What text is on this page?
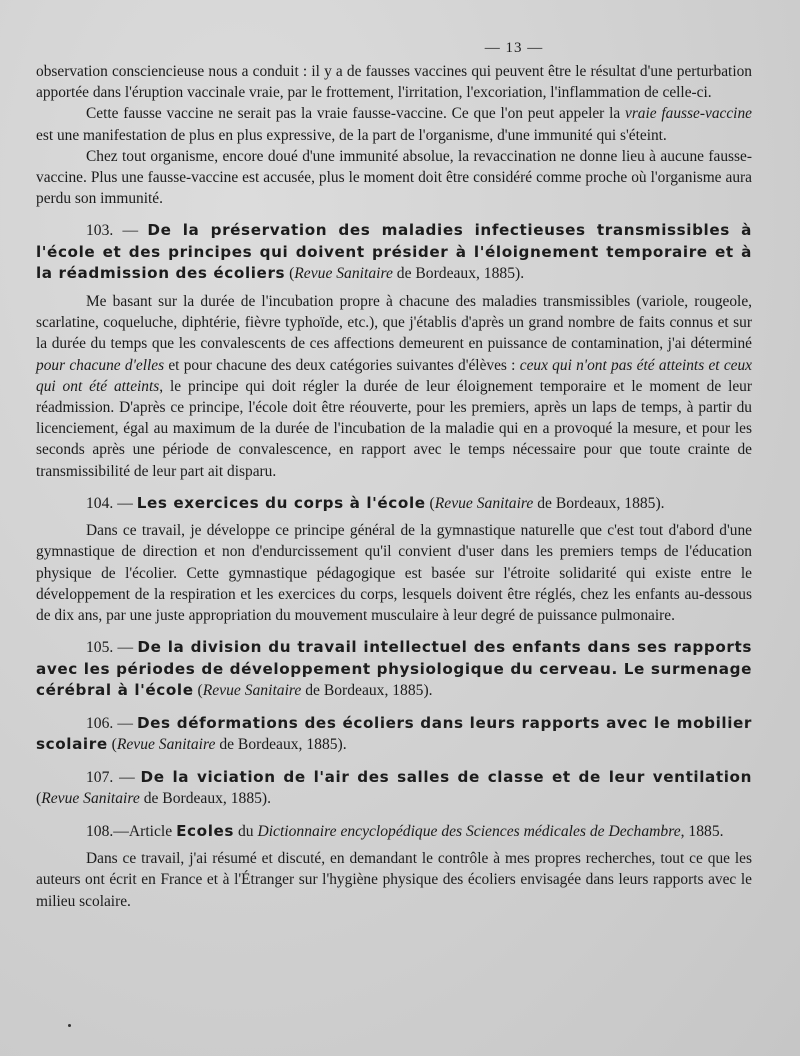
— 13 —

observation consciencieuse nous a conduit : il y a de fausses vaccines qui peuvent être le résultat d'une perturbation apportée dans l'éruption vaccinale vraie, par le frottement, l'irritation, l'excoriation, l'inflammation de celle-ci.

Cette fausse vaccine ne serait pas la vraie fausse-vaccine. Ce que l'on peut appeler la vraie fausse-vaccine est une manifestation de plus en plus expressive, de la part de l'organisme, d'une immunité qui s'éteint.

Chez tout organisme, encore doué d'une immunité absolue, la revaccination ne donne lieu à aucune fausse-vaccine. Plus une fausse-vaccine est accusée, plus le moment doit être considéré comme proche où l'organisme aura perdu son immunité.

103. — De la préservation des maladies infectieuses transmissibles à l'école et des principes qui doivent présider à l'éloignement temporaire et à la réadmission des écoliers (Revue Sanitaire de Bordeaux, 1885).

Me basant sur la durée de l'incubation propre à chacune des maladies transmissibles (variole, rougeole, scarlatine, coqueluche, diphtérie, fièvre typhoïde, etc.), que j'établis d'après un grand nombre de faits connus et sur la durée du temps que les convalescents de ces affections demeurent en puissance de contamination, j'ai déterminé pour chacune d'elles et pour chacune des deux catégories suivantes d'élèves : ceux qui n'ont pas été atteints et ceux qui ont été atteints, le principe qui doit régler la durée de leur éloignement temporaire et le moment de leur réadmission. D'après ce principe, l'école doit être réouverte, pour les premiers, après un laps de temps, à partir du licenciement, égal au maximum de la durée de l'incubation de la maladie qui en a provoqué la mesure, et pour les seconds après une période de convalescence, en rapport avec le temps nécessaire pour que toute crainte de transmissibilité de leur part ait disparu.

104. — Les exercices du corps à l'école (Revue Sanitaire de Bordeaux, 1885).

Dans ce travail, je développe ce principe général de la gymnastique naturelle que c'est tout d'abord d'une gymnastique de direction et non d'endurcissement qu'il convient d'user dans les premiers temps de l'éducation physique de l'écolier. Cette gymnastique pédagogique est basée sur l'étroite solidarité qui existe entre le développement de la respiration et les exercices du corps, lesquels doivent être réglés, chez les enfants au-dessous de dix ans, par une juste appropriation du mouvement musculaire à leur degré de puissance pulmonaire.

105. — De la division du travail intellectuel des enfants dans ses rapports avec les périodes de développement physiologique du cerveau. Le surmenage cérébral à l'école (Revue Sanitaire de Bordeaux, 1885).

106. — Des déformations des écoliers dans leurs rapports avec le mobilier scolaire (Revue Sanitaire de Bordeaux, 1885).

107. — De la viciation de l'air des salles de classe et de leur ventilation (Revue Sanitaire de Bordeaux, 1885).

108.—Article Ecoles du Dictionnaire encyclopédique des Sciences médicales de Dechambre, 1885.

Dans ce travail, j'ai résumé et discuté, en demandant le contrôle à mes propres recherches, tout ce que les auteurs ont écrit en France et à l'Étranger sur l'hygiène physique des écoliers envisagée dans leurs rapports avec le milieu scolaire.
